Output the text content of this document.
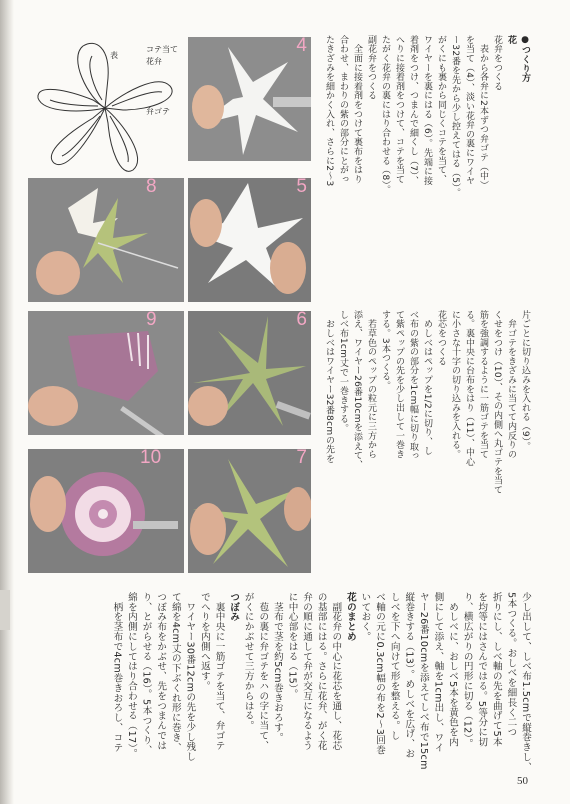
コテ当て
花弁
表
弁ゴテ
4
5
6
7
8
9
10
●つくり方
花
花弁をつくる
　表から各弁に2本ずつ弁ゴテ（中）
を当て（4）、淡い花弁の裏にワイヤ
ー32番を先から少し控えてはる（5）。
がくにも裏から同じくコテを当て、
ワイヤーを裏にはる（6）。先端に接
着剤をつけ、つまんで細くし（7）、
へりに接着剤をつけて、コテを当て
たがく花弁の裏にはり合わせる（8）。
副花弁をつくる
　全面に接着剤をつけて裏布をはり
合わせ、まわりの紫の部分にとがっ
たきざみを細かく入れ、さらに2〜3
少し出して、しべ布1.5cmで縦巻きし、
5本つくる。おしべを細長く二つ
折りにし、しべ軸の先を曲げて5本
を均等にはさんではる。5等分に切
り、横広がりの円形に切る（12）。
　めしべに、おしべ5本を黄色を内
側にして添え、軸を1cm出し、ワイ
ヤー26番10cmを添えてしべ布で15cm
縦巻きする（13）。めしべを広げ、お
しべを下へ向けて形を整える。し
べ軸の元に0.3cm幅の布を2〜3回巻
いておく。
花のまとめ
　副花弁の中心に花芯を通し、花芯
の基部にはる。さらに花弁、がく花
弁の順に通して弁が交互になるよう
に中心部をはる（15）。
　茎布で茎を約5cm巻きおろす。
　苞の裏に弁ゴテをハの字に当て、
がくにかぶせて三方からはる。
つぼみ
　裏中央に一筋ゴテを当て、弁ゴテ
でへりを内側へ返す。
　ワイヤー30番12cmの先を少し残し
て綿を4cm丈の下ぶくれ形に巻き、
つぼみ布をかぶせ、先をつまんでは
り、とがらせる（16）。5本つくり、
綿を内側にしてはり合わせる（17）。
　柄を茎布で4cm巻きおろし、コテ
50
片ごとに切り込みを入れる（9）。
　弁ゴテをきざみに当てて内反りの
くせをつけ（10）、その内側へ丸ゴテを当て
筋を強調するように一筋ゴテを当て
る。裏中央に台布をはり（11）、中心
に小さな十字の切り込みを入れる。
花芯をつくる
　めしべはペップを1/2に切り、し
べ布の紫の部分を1cm幅に切り取っ
て紫ペップの先を少し出して一巻き
する。3本つくる。
　若草色のペップの粒元に三方から
添え、ワイヤー26番10cmを添えて、
しべ布1cm丈で一巻きする。
　おしべはワイヤー32番8cmの先を
